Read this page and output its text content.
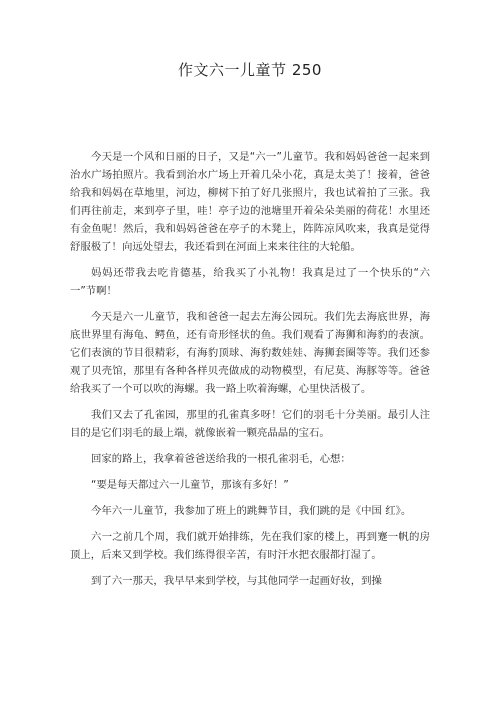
作文六一儿童节 250

今天是一个风和日丽的日子，又是“六一”儿童节。我和妈妈爸爸一起来到治水广场拍照片。我看到治水广场上开着几朵小花，真是太美了！接着，爸爸给我和妈妈在草地里，河边，柳树下拍了好几张照片，我也试着拍了三张。我们再往前走，来到亭子里，哇！亭子边的池塘里开着朵朵美丽的荷花！水里还有金鱼呢！然后，我和妈妈爸爸在亭子的木凳上，阵阵凉风吹来，我真是觉得舒服极了！向远处望去，我还看到在河面上来来往往的大轮船。

妈妈还带我去吃肯德基，给我买了小礼物！我真是过了一个快乐的“六一”节啊！

今天是六一儿童节，我和爸爸一起去左海公园玩。我们先去海底世界，海底世界里有海龟、鳄鱼，还有奇形怪状的鱼。我们观看了海狮和海豹的表演。它们表演的节目很精彩，有海豹顶球、海豹数娃娃、海狮套圈等等。我们还参观了贝壳馆，那里有各种各样贝壳做成的动物模型，有尼莫、海豚等等。爸爸给我买了一个可以吹的海螺。我一路上吹着海螺，心里快活极了。

我们又去了孔雀园，那里的孔雀真多呀！它们的羽毛十分美丽。最引人注目的是它们羽毛的最上端，就像嵌着一颗亮晶晶的宝石。

回家的路上，我拿着爸爸送给我的一根孔雀羽毛，心想：

“要是每天都过六一儿童节，那该有多好！”

今年六一儿童节，我参加了班上的跳舞节目，我们跳的是《中国 红》。

六一之前几个周，我们就开始排练，先在我们家的楼上，再到蹇一帆的房顶上，后来又到学校。我们练得很辛苦，有时汗水把衣服都打湿了。

到了六一那天，我早早来到学校，与其他同学一起画好妆，到操
